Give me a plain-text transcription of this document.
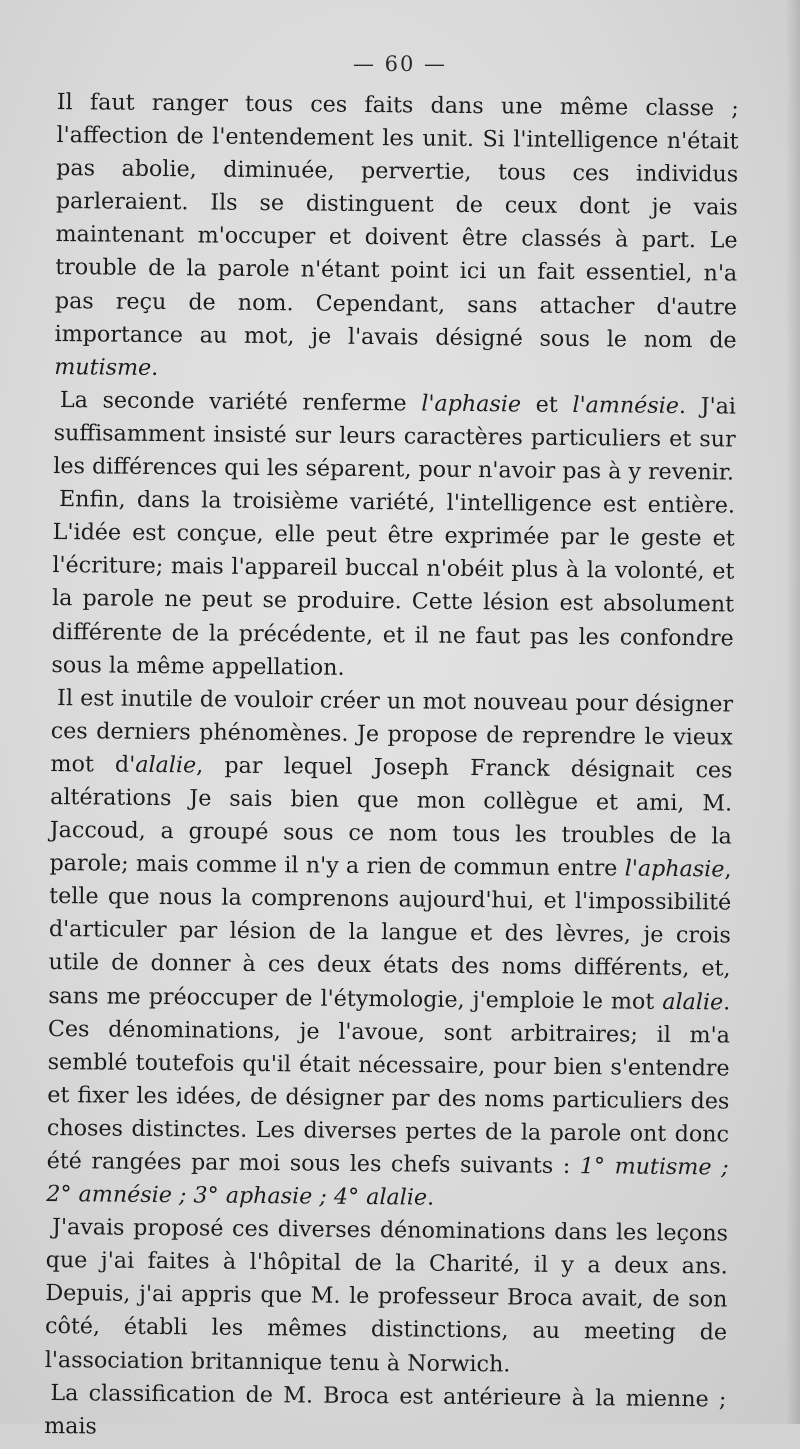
— 60 —

Il faut ranger tous ces faits dans une même classe ; l'affection de l'entendement les unit. Si l'intelligence n'était pas abolie, diminuée, pervertie, tous ces individus parleraient. Ils se distinguent de ceux dont je vais maintenant m'occuper et doivent être classés à part. Le trouble de la parole n'étant point ici un fait essentiel, n'a pas reçu de nom. Cependant, sans attacher d'autre importance au mot, je l'avais désigné sous le nom de mutisme.

La seconde variété renferme l'aphasie et l'amnésie. J'ai suffisamment insisté sur leurs caractères particuliers et sur les différences qui les séparent, pour n'avoir pas à y revenir.

Enfin, dans la troisième variété, l'intelligence est entière. L'idée est conçue, elle peut être exprimée par le geste et l'écriture; mais l'appareil buccal n'obéit plus à la volonté, et la parole ne peut se produire. Cette lésion est absolument différente de la précédente, et il ne faut pas les confondre sous la même appellation.

Il est inutile de vouloir créer un mot nouveau pour désigner ces derniers phénomènes. Je propose de reprendre le vieux mot d'alalie, par lequel Joseph Franck désignait ces altérations Je sais bien que mon collègue et ami, M. Jaccoud, a groupé sous ce nom tous les troubles de la parole; mais comme il n'y a rien de commun entre l'aphasie, telle que nous la comprenons aujourd'hui, et l'impossibilité d'articuler par lésion de la langue et des lèvres, je crois utile de donner à ces deux états des noms différents, et, sans me préoccuper de l'étymologie, j'emploie le mot alalie. Ces dénominations, je l'avoue, sont arbitraires; il m'a semblé toutefois qu'il était nécessaire, pour bien s'entendre et fixer les idées, de désigner par des noms particuliers des choses distinctes. Les diverses pertes de la parole ont donc été rangées par moi sous les chefs suivants : 1° mutisme ; 2° amnésie ; 3° aphasie ; 4° alalie.

J'avais proposé ces diverses dénominations dans les leçons que j'ai faites à l'hôpital de la Charité, il y a deux ans. Depuis, j'ai appris que M. le professeur Broca avait, de son côté, établi les mêmes distinctions, au meeting de l'association britannique tenu à Norwich.

La classification de M. Broca est antérieure à la mienne ; mais
